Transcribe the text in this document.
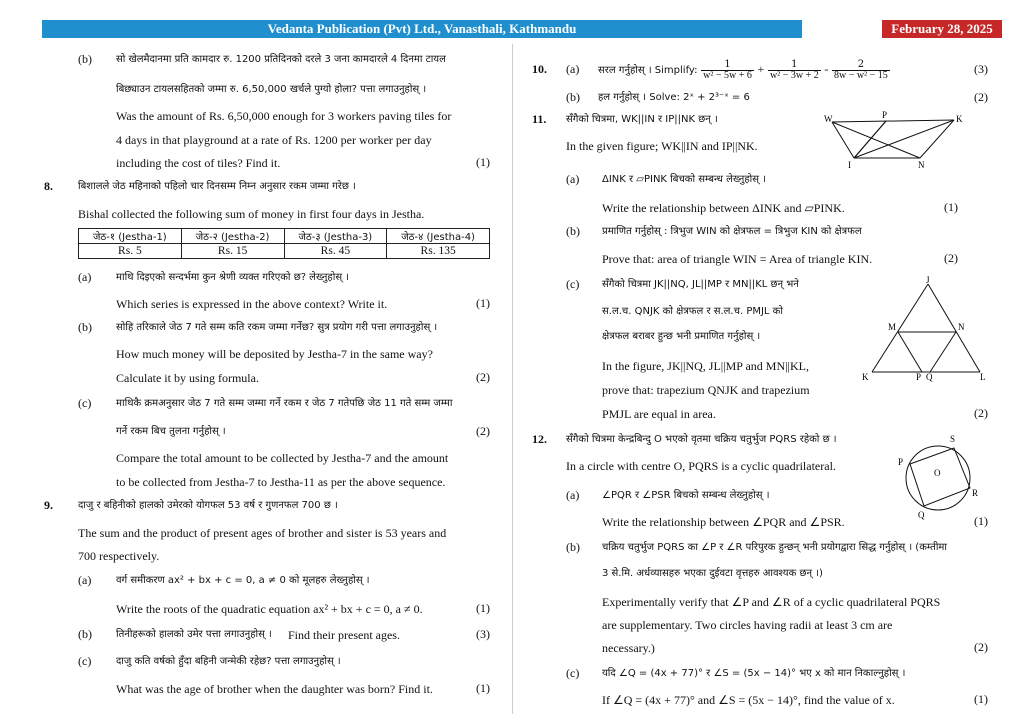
Vedanta Publication (Pvt) Ltd., Vanasthali, Kathmandu	February 28, 2025
(b) सो खेलमैदानमा प्रति कामदार रु. 1200 प्रतिदिनको दरले 3 जना कामदारले 4 दिनमा टायल
बिछ्याउन टायलसहितको जम्मा रु. 6,50,000 खर्चले पुग्यो होला? पत्ता लगाउनुहोस् ।
Was the amount of Rs. 6,50,000 enough for 3 workers paving tiles for
4 days in that playground at a rate of Rs. 1200 per worker per day
including the cost of tiles? Find it.	(1)
8.	बिशालले जेठ महिनाको पहिलो चार दिनसम्म निम्न अनुसार रकम जम्मा गरेछ ।
Bishal collected the following sum of money in first four days in Jestha.
जेठ-१ (Jestha-1)	जेठ-२ (Jestha-2)	जेठ-३ (Jestha-3)	जेठ-४ (Jestha-4)
Rs. 5	Rs. 15	Rs. 45	Rs. 135
(a) माथि दिइएको सन्दर्भमा कुन श्रेणी व्यक्त गरिएको छ? लेख्नुहोस् ।
Which series is expressed in the above context? Write it.	(1)
(b) सोहि तरिकाले जेठ 7 गते सम्म कति रकम जम्मा गर्नेछ? सुत्र प्रयोग गरी पत्ता लगाउनुहोस् ।
How much money will be deposited by Jestha-7 in the same way?
Calculate it by using formula.	(2)
(c) माथिकै क्रमअनुसार जेठ 7 गते सम्म जम्मा गर्ने रकम र जेठ 7 गतेपछि जेठ 11 गते सम्म जम्मा
गर्ने रकम बिच तुलना गर्नुहोस् ।	(2)
Compare the total amount to be collected by Jestha-7 and the amount
to be collected from Jestha-7 to Jestha-11 as per the above sequence.
9.	दाजु र बहिनीको हालको उमेरको योगफल 53 वर्ष र गुणनफल 700 छ ।
The sum and the product of present ages of brother and sister is 53 years and
700 respectively.
(a) वर्ग समीकरण ax² + bx + c = 0, a ≠ 0 को मूलहरु लेख्नुहोस् ।
Write the roots of the quadratic equation ax² + bx + c = 0, a ≠ 0.	(1)
(b) तिनीहरूको हालको उमेर पत्ता लगाउनुहोस् ।	Find their present ages.	(3)
(c) दाजु कति वर्षको हुँदा बहिनी जन्मेकी रहेछ? पत्ता लगाउनुहोस् ।
What was the age of brother when the daughter was born? Find it.	(1)
10. (a) सरल गर्नुहोस् । Simplify: $\frac{1}{\text{w² − 5w + 6}} + \frac{1}{\text{w² − 3w + 2}} - \frac{2}{\text{8w − w² − 15}}$	(3)
(b) हल गर्नुहोस् । Solve: 2ˣ + 2³⁻ˣ = 6	(2)
11. सँगैको चित्रमा, WK||IN र IP||NK छन् ।
In the given figure; WK||IN and IP||NK.
W	P	K
I	N
(a) ΔINK र ▱PINK बिचको सम्बन्ध लेख्नुहोस् ।
Write the relationship between ΔINK and ▱PINK.	(1)
(b) प्रमाणित गर्नुहोस् : त्रिभुज WIN को क्षेत्रफल = त्रिभुज KIN को क्षेत्रफल
Prove that: area of triangle WIN = Area of triangle KIN.	(2)
(c) सँगैको चित्रमा JK||NQ, JL||MP र MN||KL छन् भने
स.ल.च. QNJK को क्षेत्रफल र स.ल.च. PMJL को
क्षेत्रफल बराबर हुन्छ भनी प्रमाणित गर्नुहोस् ।
In the figure, JK||NQ, JL||MP and MN||KL,
prove that: trapezium QNJK and trapezium
PMJL are equal in area.	(2)
J
M	N
K	P Q	L
12. सँगैको चित्रमा केन्द्रबिन्दु O भएको वृतमा चक्रिय चतुर्भुज PQRS रहेको छ ।
In a circle with centre O, PQRS is a cyclic quadrilateral.
S
P
O
R
Q
(a) ∠PQR र ∠PSR बिचको सम्बन्ध लेख्नुहोस् ।
Write the relationship between ∠PQR and ∠PSR.	(1)
(b) चक्रिय चतुर्भुज PQRS का ∠P र ∠R परिपुरक हुन्छन् भनी प्रयोगद्वारा सिद्ध गर्नुहोस् । (कम्तीमा
3 से.मि. अर्धव्यासहरु भएका दुईवटा वृत्तहरु आवश्यक छन् ।)
Experimentally verify that ∠P and ∠R of a cyclic quadrilateral PQRS
are supplementary. Two circles having radii at least 3 cm are
necessary.)	(2)
(c) यदि ∠Q = (4x + 77)° र ∠S = (5x − 14)° भए x को मान निकाल्नुहोस् ।
If ∠Q = (4x + 77)° and ∠S = (5x − 14)°, find the value of x.	(1)
